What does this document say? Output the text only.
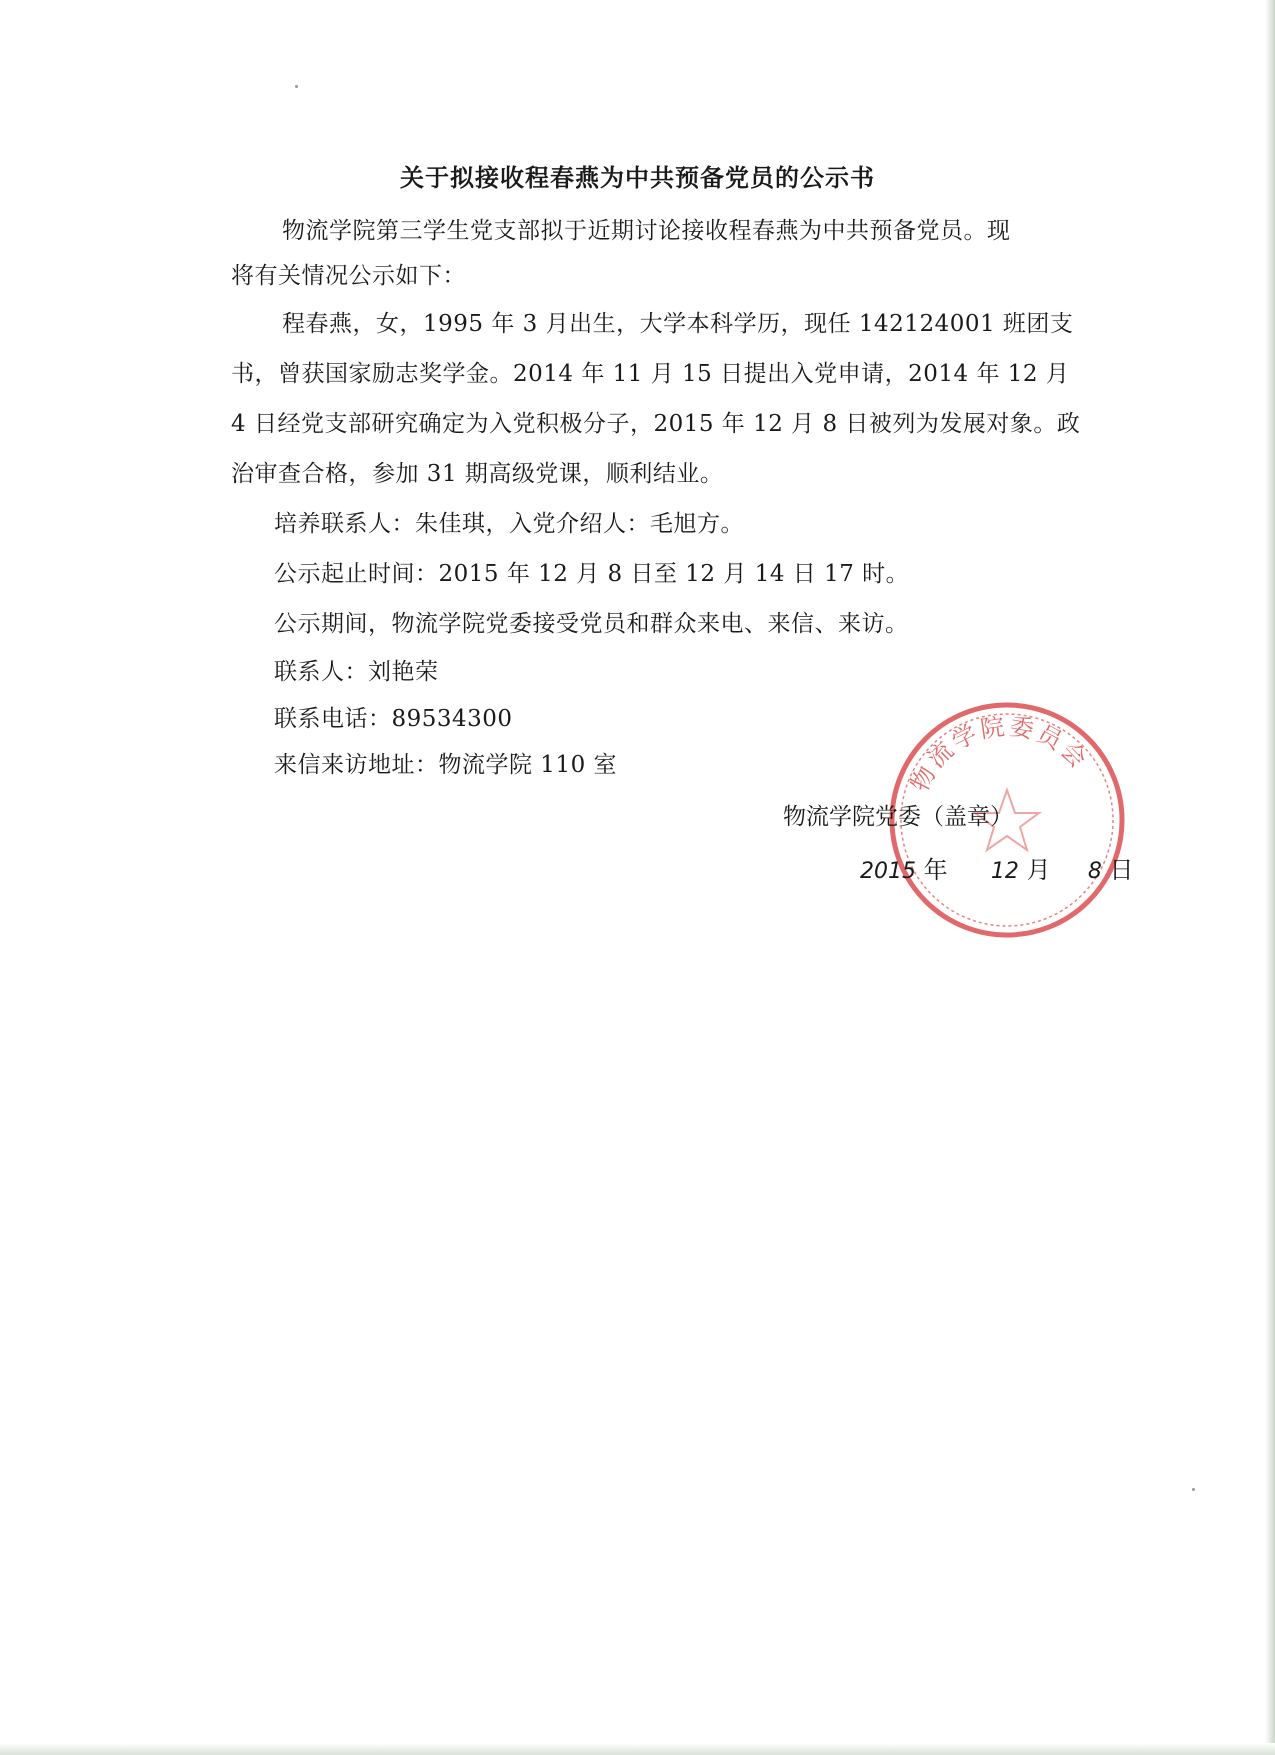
关于拟接收程春燕为中共预备党员的公示书
物流学院第三学生党支部拟于近期讨论接收程春燕为中共预备党员。现
将有关情况公示如下：
程春燕，女，1995 年 3 月出生，大学本科学历，现任 142124001 班团支
书，曾获国家励志奖学金。2014 年 11 月 15 日提出入党申请，2014 年 12 月
4 日经党支部研究确定为入党积极分子，2015 年 12 月 8 日被列为发展对象。政
治审查合格，参加 31 期高级党课，顺利结业。
培养联系人：朱佳琪，入党介绍人：毛旭方。
公示起止时间：2015 年 12 月 8 日至 12 月 14 日 17 时。
公示期间，物流学院党委接受党员和群众来电、来信、来访。
联系人：刘艳荣
联系电话：89534300
来信来访地址：物流学院 110 室	物流学院委员会
物流学院党委（盖章）
2015 年 12 月 8 日
